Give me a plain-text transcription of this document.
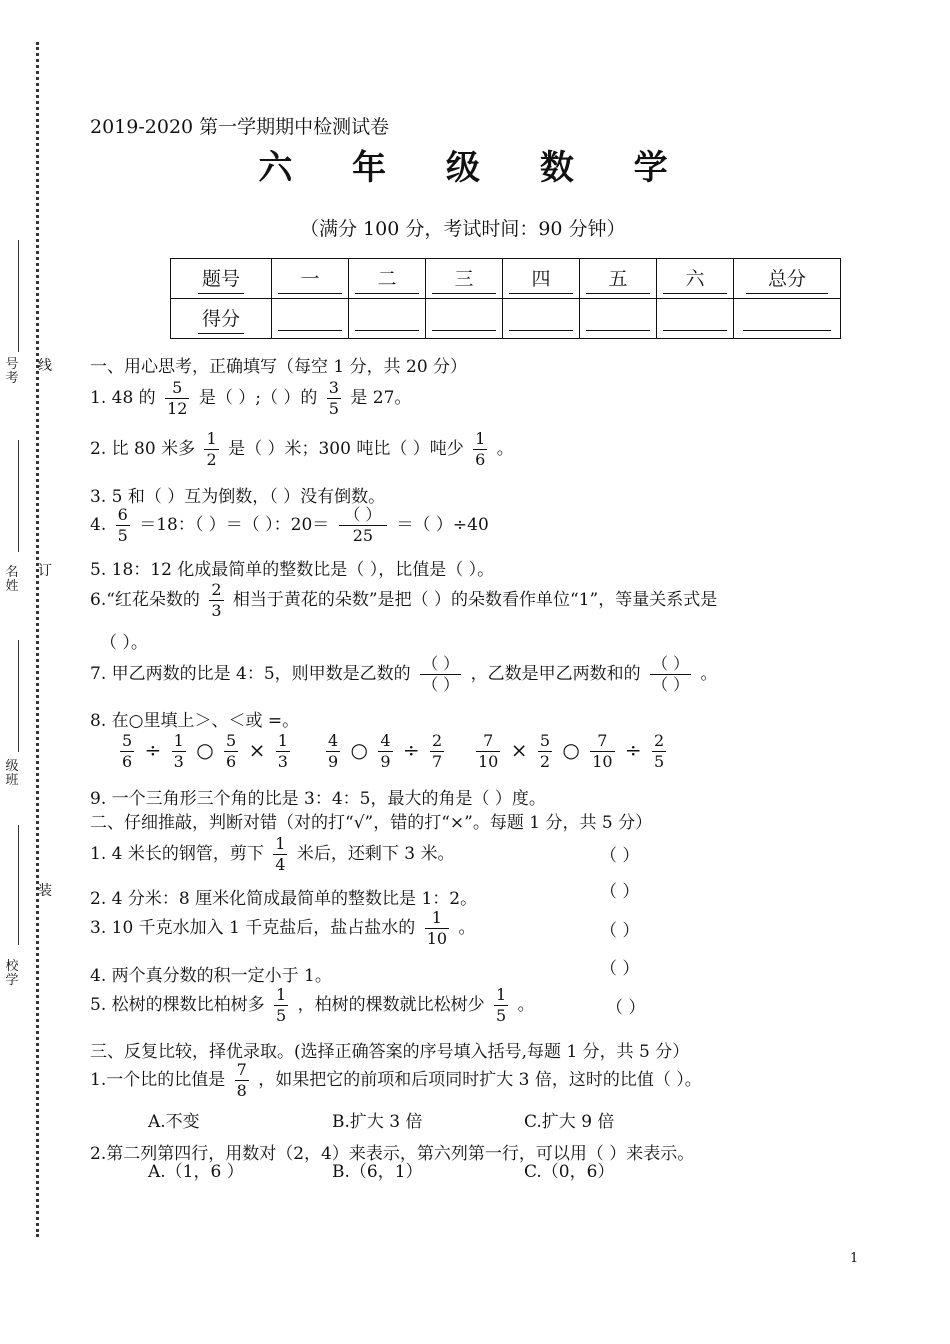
号考
名姓
级班
校学
线
订
装
2019-2020 第一学期期中检测试卷
六 年 级 数 学
（满分 100 分，考试时间：90 分钟）
题号	一	二	三	四	五	六	总分
得分							
一、用心思考，正确填写（每空 1 分，共 20 分）
1. 48 的 $\frac{5}{12}$ 是（ ）;（ ）的 $\frac{3}{5}$ 是 27。
2. 比 80 米多 $\frac{1}{2}$ 是（ ）米；300 吨比（ ）吨少 $\frac{1}{6}$ 。
3. 5 和（ ）互为倒数，（ ）没有倒数。
4. $\frac{6}{5} =18$：（ ）＝（ ）：$20= \frac{( )}{25}$ ＝（ ）÷40
5. 18：12 化成最简单的整数比是（ ），比值是（ ）。
6.“红花朵数的 $\frac{2}{3}$ 相当于黄花的朵数”是把（ ）的朵数看作单位“1”，等量关系式是
（ ）。
7. 甲乙两数的比是 4：5，则甲数是乙数的 $\frac{( )}{( )}$ ，乙数是甲乙两数和的 $\frac{( )}{( )}$ 。
8. 在○里填上＞、＜或 =。
$\frac{5}{6} \div \frac{1}{3}$ ○ $\frac{5}{6} \times \frac{1}{3} \frac{4}{9}$ ○ $\frac{4}{9} \div \frac{2}{7} \frac{7}{10} \times \frac{5}{2}$ ○ $\frac{7}{10} \div \frac{2}{5}$
9. 一个三角形三个角的比是 3：4：5，最大的角是（ ）度。
二、仔细推敲，判断对错（对的打“√”，错的打“×”。每题 1 分，共 5 分）
1. 4 米长的钢管，剪下 $\frac{1}{4}$ 米后，还剩下 3 米。	（ ）
2. 4 分米：8 厘米化简成最简单的整数比是 1：2。	（ ）
3. 10 千克水加入 1 千克盐后，盐占盐水的 $\frac{1}{10}$ 。	（ ）
4. 两个真分数的积一定小于 1。	（ ）
5. 松树的棵数比柏树多 $\frac{1}{5}$ ，柏树的棵数就比松树少 $\frac{1}{5}$ 。	（ ）
三、反复比较，择优录取。(选择正确答案的序号填入括号,每题 1 分，共 5 分）
1.一个比的比值是 $\frac{7}{8}$ ，如果把它的前项和后项同时扩大 3 倍，这时的比值（ ）。
A.不变	B.扩大 3 倍	C.扩大 9 倍
2.第二列第四行，用数对（2，4）来表示，第六列第一行，可以用（ ）来表示。
A.（1，6 ）	B.（6，1）	C.（0，6）
1
